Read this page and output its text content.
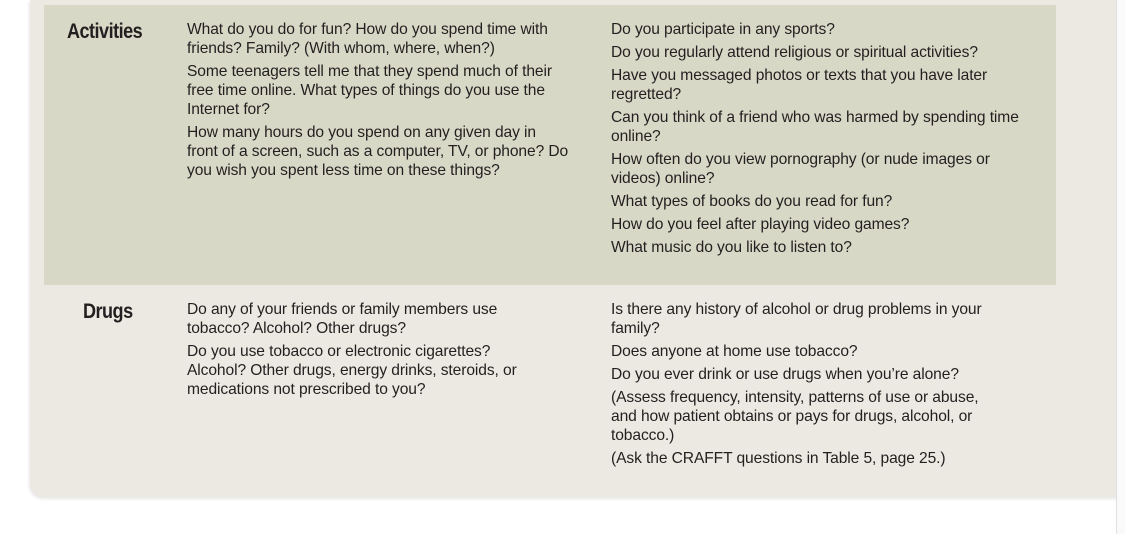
Activities	What do you do for fun? How do you spend time with
friends? Family? (With whom, where, when?)

Some teenagers tell me that they spend much of their
free time online. What types of things do you use the
Internet for?

How many hours do you spend on any given day in
front of a screen, such as a computer, TV, or phone? Do
you wish you spent less time on these things?

Do you participate in any sports?

Do you regularly attend religious or spiritual activities?

Have you messaged photos or texts that you have later
regretted?

Can you think of a friend who was harmed by spending time
online?

How often do you view pornography (or nude images or
videos) online?

What types of books do you read for fun?

How do you feel after playing video games?

What music do you like to listen to?

Drugs	Do any of your friends or family members use
tobacco? Alcohol? Other drugs?

Do you use tobacco or electronic cigarettes?
Alcohol? Other drugs, energy drinks, steroids, or
medications not prescribed to you?

Is there any history of alcohol or drug problems in your
family?

Does anyone at home use tobacco?

Do you ever drink or use drugs when you’re alone?

(Assess frequency, intensity, patterns of use or abuse,
and how patient obtains or pays for drugs, alcohol, or
tobacco.)

(Ask the CRAFFT questions in Table 5, page 25.)
